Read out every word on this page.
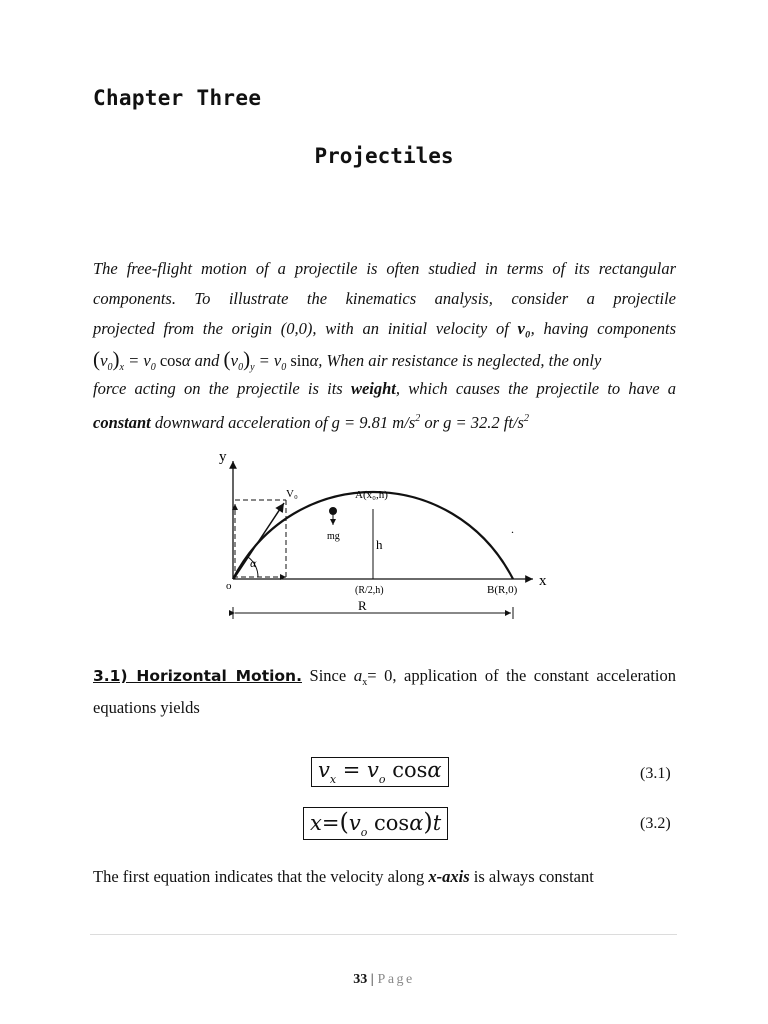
Chapter Three
Projectiles
The free-flight motion of a projectile is often studied in terms of its rectangular
components. To illustrate the kinematics analysis, consider a projectile
projected from the origin (0,0), with an initial velocity of v₀, having components
$(v_0)_x = v_0$ cosα and $(v_0)_y = v_0$ sinα, When air resistance is neglected, the only
force acting on the projectile is its weight, which causes the projectile to have a
constant downward acceleration of g = 9.81 $m/s^2$ or g = 32.2 $ft/s^2$
y
x
o
V₀
α
A(x₀,h)
h
mg
.
(R/2,h)	B(R,0)
R
3.1) Horizontal Motion. Since $a_x= 0$, application of the constant acceleration
equations yields
$v_x = v_o$ cosα	(3.1)
$x=(v_o$ cosα)t	(3.2)
The first equation indicates that the velocity along x-axis is always constant
33 | Page
